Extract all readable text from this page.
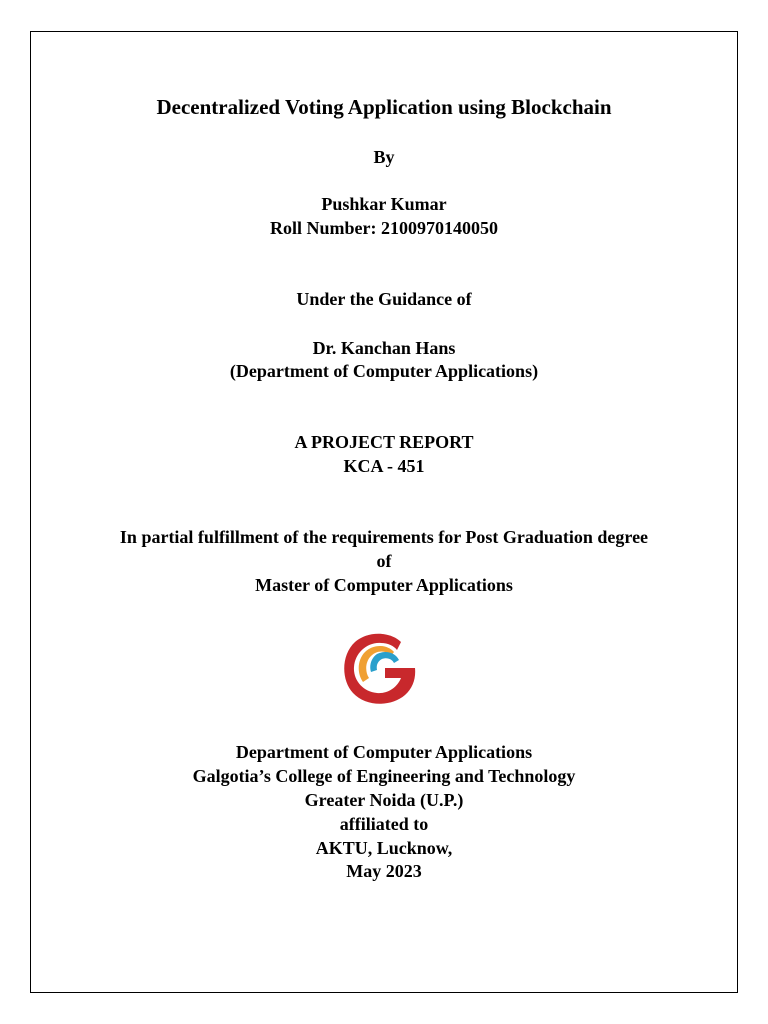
Decentralized Voting Application using Blockchain
By
Pushkar Kumar
Roll Number: 2100970140050
Under the Guidance of
Dr. Kanchan Hans
(Department of Computer Applications)
A PROJECT REPORT
KCA - 451
In partial fulfillment of the requirements for Post Graduation degree
of
Master of Computer Applications
Department of Computer Applications
Galgotia’s College of Engineering and Technology
Greater Noida (U.P.)
affiliated to
AKTU, Lucknow,
May 2023
